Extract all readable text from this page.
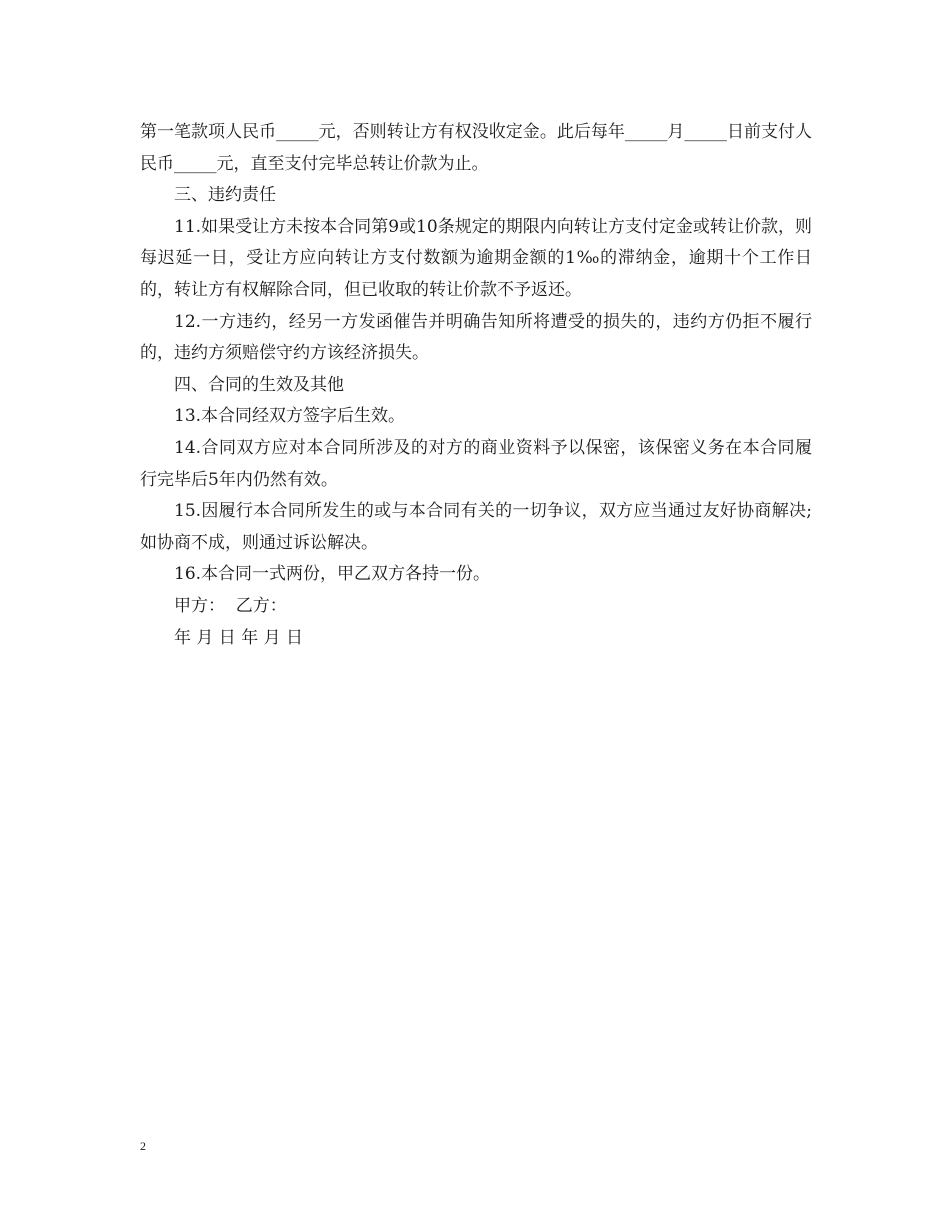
第一笔款项人民币_____元，否则转让方有权没收定金。此后每年_____月_____日前支付人民币_____元，直至支付完毕总转让价款为止。

三、违约责任

11.如果受让方未按本合同第9或10条规定的期限内向转让方支付定金或转让价款，则每迟延一日，受让方应向转让方支付数额为逾期金额的1‰的滞纳金，逾期十个工作日的，转让方有权解除合同，但已收取的转让价款不予返还。

12.一方违约，经另一方发函催告并明确告知所将遭受的损失的，违约方仍拒不履行的，违约方须赔偿守约方该经济损失。

四、合同的生效及其他

13.本合同经双方签字后生效。

14.合同双方应对本合同所涉及的对方的商业资料予以保密，该保密义务在本合同履行完毕后5年内仍然有效。

15.因履行本合同所发生的或与本合同有关的一切争议，双方应当通过友好协商解决;如协商不成，则通过诉讼解决。

16.本合同一式两份，甲乙双方各持一份。

甲方：  乙方：

年 月 日 年 月 日

2
